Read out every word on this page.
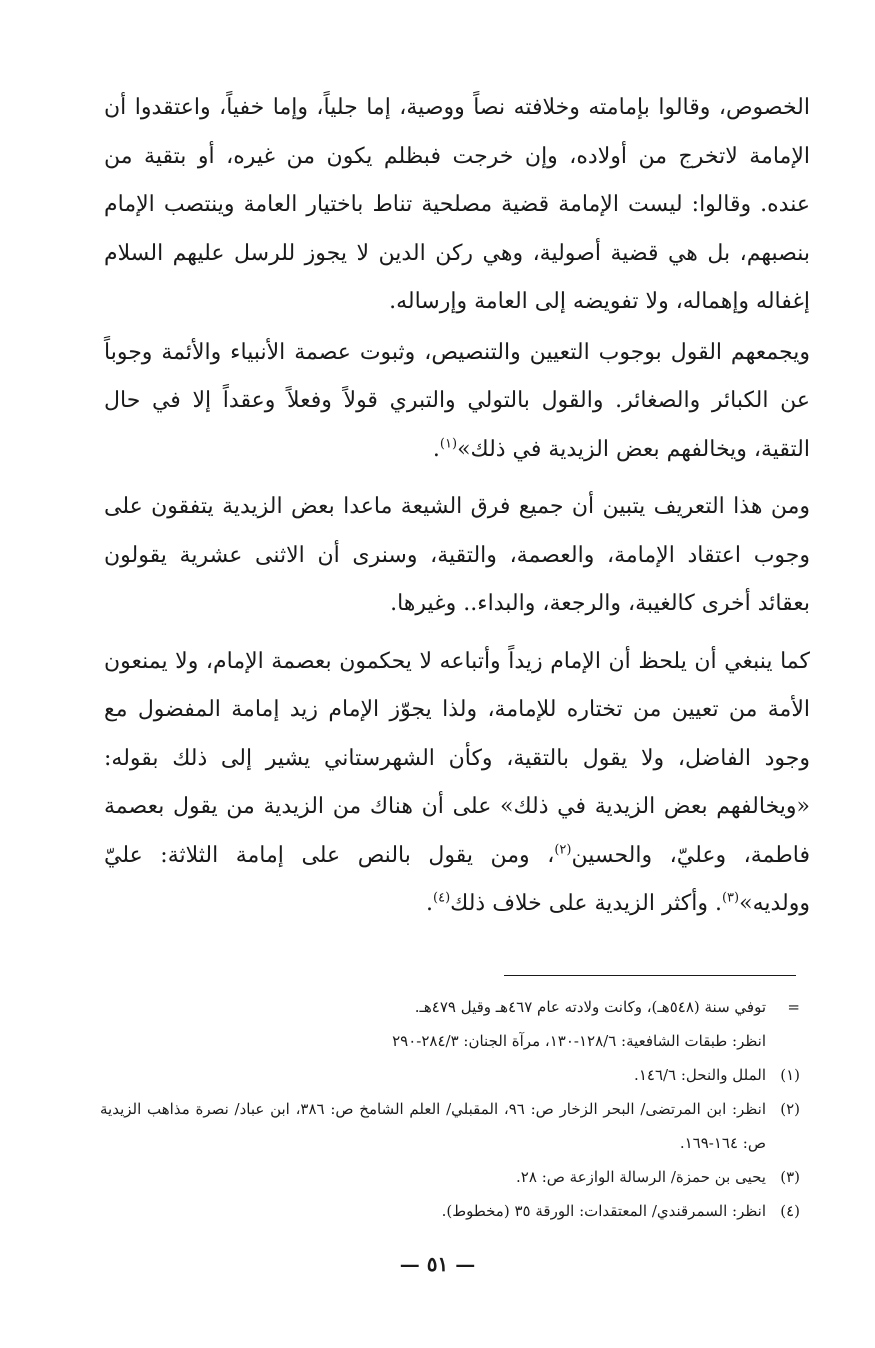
الخصوص، وقالوا بإمامته وخلافته نصاً ووصية، إما جلياً، وإما خفياً، واعتقدوا أن الإمامة لاتخرج من أولاده، وإن خرجت فبظلم يكون من غيره، أو بتقية من عنده. وقالوا: ليست الإمامة قضية مصلحية تناط باختيار العامة وينتصب الإمام بنصبهم، بل هي قضية أصولية، وهي ركن الدين لا يجوز للرسل عليهم السلام إغفاله وإهماله، ولا تفويضه إلى العامة وإرساله.

ويجمعهم القول بوجوب التعيين والتنصيص، وثبوت عصمة الأنبياء والأئمة وجوباً عن الكبائر والصغائر. والقول بالتولي والتبري قولاً وفعلاً وعقداً إلا في حال التقية، ويخالفهم بعض الزيدية في ذلك»$^{(١)}$.

ومن هذا التعريف يتبين أن جميع فرق الشيعة ماعدا بعض الزيدية يتفقون على وجوب اعتقاد الإمامة، والعصمة، والتقية، وسنرى أن الاثنى عشرية يقولون بعقائد أخرى كالغيبة، والرجعة، والبداء.. وغيرها.

كما ينبغي أن يلحظ أن الإمام زيداً وأتباعه لا يحكمون بعصمة الإمام، ولا يمنعون الأمة من تعيين من تختاره للإمامة، ولذا يجوّز الإمام زيد إمامة المفضول مع وجود الفاضل، ولا يقول بالتقية، وكأن الشهرستاني يشير إلى ذلك بقوله: «ويخالفهم بعض الزيدية في ذلك» على أن هناك من الزيدية من يقول بعصمة فاطمة، وعليّ، والحسين$^{(٢)}$، ومن يقول بالنص على إمامة الثلاثة: عليّ وولديه»$^{(٣)}$. وأكثر الزيدية على خلاف ذلك$^{(٤)}$.

=
توفي سنة (٥٤٨هـ)، وكانت ولادته عام ٤٦٧هـ وقيل ٤٧٩هـ.

انظر: طبقات الشافعية: ١٢٨/٦-١٣٠، مرآة الجنان: ٢٨٤/٣-٢٩٠

(١)
الملل والنحل: ١٤٦/٦.

(٢)
انظر: ابن المرتضى/ البحر الزخار ص: ٩٦، المقبلي/ العلم الشامخ ص: ٣٨٦، ابن عباد/ نصرة مذاهب الزيدية ص: ١٦٤-١٦٩.

(٣)
يحيى بن حمزة/ الرسالة الوازعة ص: ٢٨.

(٤)
انظر: السمرقندي/ المعتقدات: الورقة ٣٥ (مخطوط).

— ٥١ —
